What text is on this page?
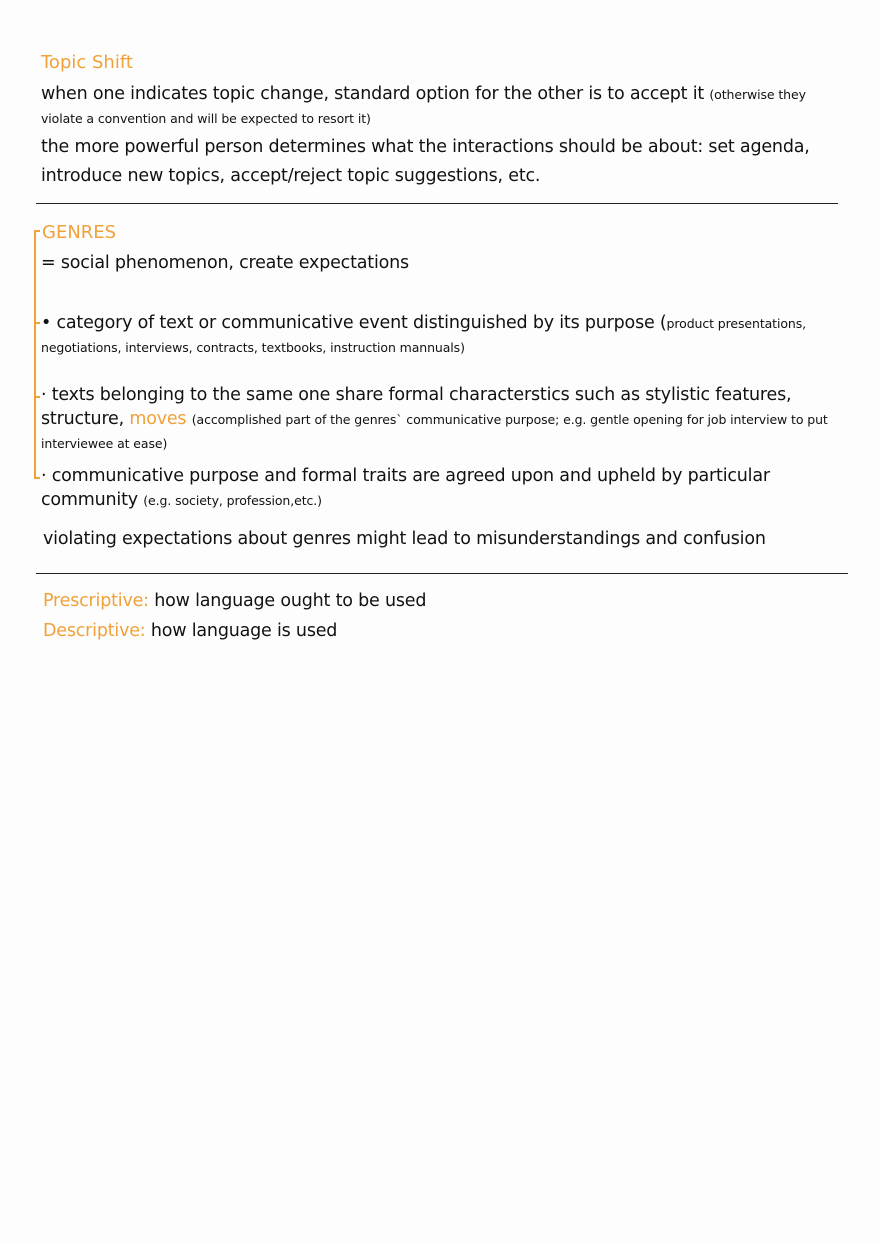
Topic Shift
when one indicates topic change, standard option for the other is to accept it (otherwise they violate a convention and will be expected to resort it)
the more powerful person determines what the interactions should be about: set agenda, introduce new topics, accept/reject topic suggestions, etc.
GENRES
= social phenomenon, create expectations
• category of text or communicative event distinguished by its purpose (product presentations, negotiations, interviews, contracts, textbooks, instruction mannuals)
· texts belonging to the same one share formal characterstics such as stylistic features, structure, moves (accomplished part of the genres` communicative purpose; e.g. gentle opening for job interview to put interviewee at ease)
· communicative purpose and formal traits are agreed upon and upheld by particular community (e.g. society, profession,etc.)
violating expectations about genres might lead to misunderstandings and confusion
Prescriptive: how language ought to be used
Descriptive: how language is used
